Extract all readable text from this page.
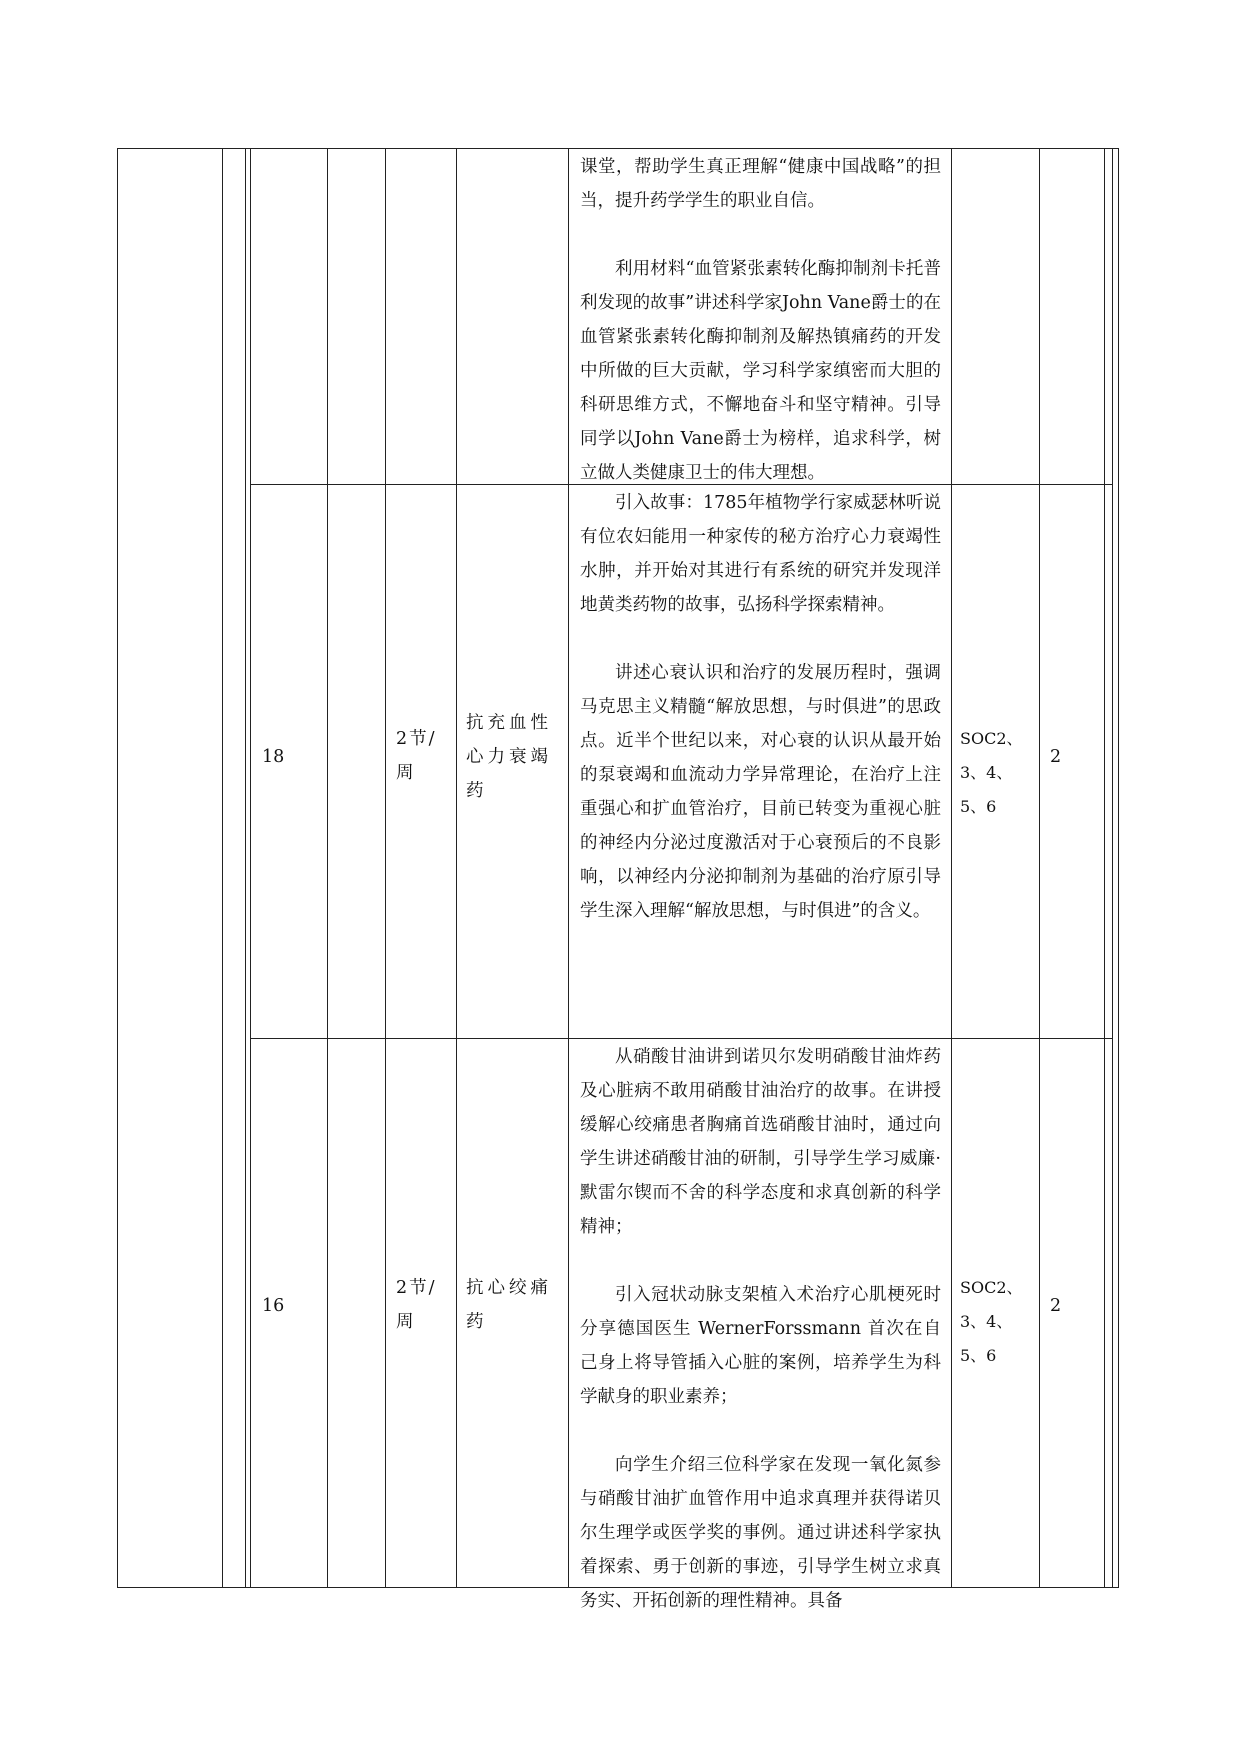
课堂，帮助学生真正理解“健康中国战略”的担当，提升药学学生的职业自信。

利用材料“血管紧张素转化酶抑制剂卡托普利发现的故事”讲述科学家John Vane爵士的在血管紧张素转化酶抑制剂及解热镇痛药的开发中所做的巨大贡献，学习科学家缜密而大胆的科研思维方式，不懈地奋斗和坚守精神。引导同学以John Vane爵士为榜样，追求科学，树立做人类健康卫士的伟大理想。

18
2节/周
抗充血性心力衰竭药

引入故事：1785年植物学行家威瑟林听说有位农妇能用一种家传的秘方治疗心力衰竭性水肿，并开始对其进行有系统的研究并发现洋地黄类药物的故事，弘扬科学探索精神。

讲述心衰认识和治疗的发展历程时，强调马克思主义精髓“解放思想，与时俱进”的思政点。近半个世纪以来，对心衰的认识从最开始的泵衰竭和血流动力学异常理论，在治疗上注重强心和扩血管治疗，目前已转变为重视心脏的神经内分泌过度激活对于心衰预后的不良影响，以神经内分泌抑制剂为基础的治疗原引导学生深入理解“解放思想，与时俱进”的含义。

SOC2、3、4、5、6
2
16
2节/周
抗心绞痛药

从硝酸甘油讲到诺贝尔发明硝酸甘油炸药及心脏病不敢用硝酸甘油治疗的故事。在讲授缓解心绞痛患者胸痛首选硝酸甘油时，通过向学生讲述硝酸甘油的研制，引导学生学习威廉·默雷尔锲而不舍的科学态度和求真创新的科学精神；

引入冠状动脉支架植入术治疗心肌梗死时分享德国医生 WernerForssmann 首次在自己身上将导管插入心脏的案例，培养学生为科学献身的职业素养；

向学生介绍三位科学家在发现一氧化氮参与硝酸甘油扩血管作用中追求真理并获得诺贝尔生理学或医学奖的事例。通过讲述科学家执着探索、勇于创新的事迹，引导学生树立求真务实、开拓创新的理性精神。具备

SOC2、3、4、5、6
2
